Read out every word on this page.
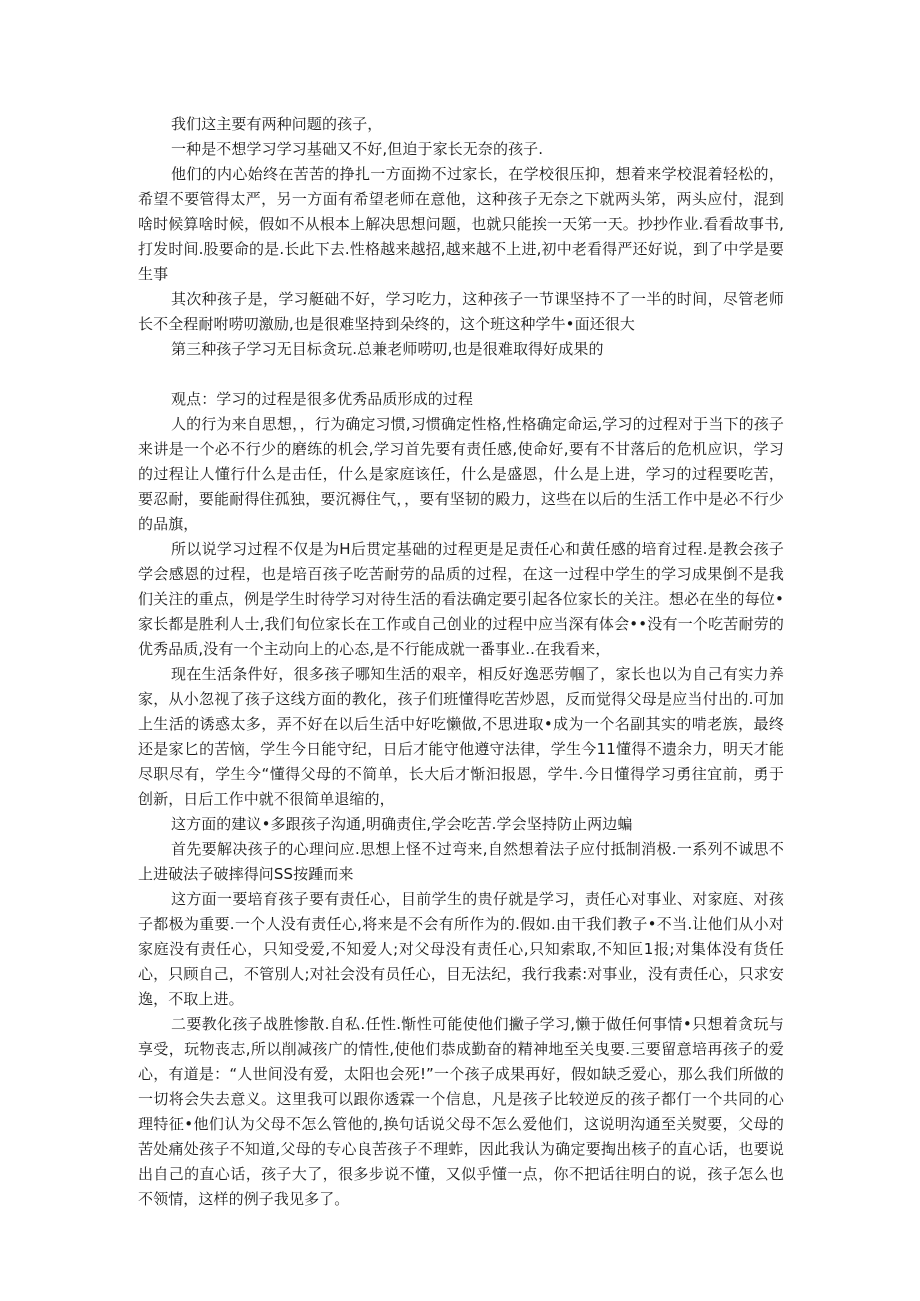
我们这主要有两种问题的孩子，

一种是不想学习学习基础又不好,但迫于家长无奈的孩子.

他们的内心始终在苦苦的挣扎一方面拗不过家长，在学校很压抑，想着来学校混着轻松的，希望不要管得太严，另一方面有希望老师在意他，这种孩子无奈之下就两头笫，两头应付，混到啥时候算啥时候，假如不从根本上解决思想问题，也就只能挨一天笫一天。抄抄作业.看看故事书,打发时间.股要命的是.长此下去.性格越来越招,越来越不上进,初中老看得严还好说，到了中学是要生事

其次种孩子是，学习艇础不好，学习吃力，这种孩子一节课坚持不了一半的时间，尽管老师长不全程耐咐唠叨激励,也是很难坚持到朵终的，这个班这种学牛•面还很大

第三种孩子学习无目标贪玩.总兼老师唠叨,也是很难取得好成果的

观点：学习的过程是很多优秀品质形成的过程

人的行为来自思想，，行为确定习惯,习惯确定性格,性格确定命运,学习的过程对于当下的孩子来讲是一个必不行少的磨练的机会,学习首先要有责任感,使命好,要有不甘落后的危机应识，学习的过程让人懂行什么是击任，什么是家庭该任，什么是盛恩，什么是上进，学习的过程要吃苦，要忍耐，要能耐得住孤独，要沉褥住气，，要有坚韧的殿力，这些在以后的生活工作中是必不行少的品旗，

所以说学习过程不仅是为H后贯定基础的过程更是足责任心和黄任感的培育过程.是教会孩子学会感恩的过程，也是培百孩子吃苦耐劳的品质的过程，在这一过程中学生的学习成果倒不是我们关注的重点，例是学生时待学习对待生活的看法确定要引起各位家长的关注。想必在坐的每位•家长都是胜利人士,我们旬位家长在工作或自己创业的过程中应当深有体会••没有一个吃苦耐劳的优秀品质,没有一个主动向上的心态,是不行能成就一番事业..在我看来，

现在生活条件好，很多孩子哪知生活的艰辛，相反好逸恶劳帼了，家长也以为自己有实力养家，从小忽视了孩子这线方面的教化，孩子们班懂得吃苦炒恩，反而觉得父母是应当付出的.可加上生活的诱惑太多，弄不好在以后生活中好吃懒做,不思进取•成为一个名副其实的啃老族，最终还是家匕的苦恼，学生今日能守纪，日后才能守他遵守法律，学生今11懂得不遗余力，明天才能尽职尽有，学生今“懂得父母的不简单，长大后才惭汩报恩，学牛.今日懂得学习勇往宜前，勇于创新，日后工作中就不很简单退缩的，

这方面的建议•多跟孩子沟通,明确责住,学会吃苦.学会坚持防止两边蝙

首先要解决孩子的心理问应.思想上怪不过弯来,自然想着法子应付抵制消极.一系列不诚思不上进破法子破摔得问SS按踵而来

这方面一要培育孩子要有责任心，目前学生的贵仔就是学习，责任心对事业、对家庭、对孩子都极为重要.一个人没有责任心,将来是不会有所作为的.假如.由干我们教子•不当.让他们从小对家庭没有责任心，只知受爱,不知爱人;对父母没有责任心,只知索取,不知叵1报;对集体没有货任心，只顾自己，不管別人;对社会没有员任心，目无法纪，我行我素:对事业，没有责任心，只求安逸，不取上进。

二要教化孩子战胜惨散.自私.任性.惭性可能使他们撇子学习,懒于做任何事情•只想着贪玩与享受，玩物丧志,所以削减孩广的情性,使他们恭成勤奋的精神地至关曳要.三要留意培再孩子的爱心，有道是：“人世间没有爱，太阳也会死!”一个孩子成果再好，假如缺乏爱心，那么我们所做的一切将会失去意义。这里我可以跟你透霖一个信息，凡是孩子比较逆反的孩子都仃一个共同的心理特征•他们认为父母不怎么管他的,换句话说父母不怎么爱他们，这说明沟通至关熨要，父母的苦处痛处孩子不知道,父母的专心良苦孩子不理蚱，因此我认为确定要掏出核子的直心话，也要说出自己的直心话，孩子大了，很多步说不懂，又似乎懂一点，你不把话往明白的说，孩子怎么也不领情，这样的例子我见多了。
